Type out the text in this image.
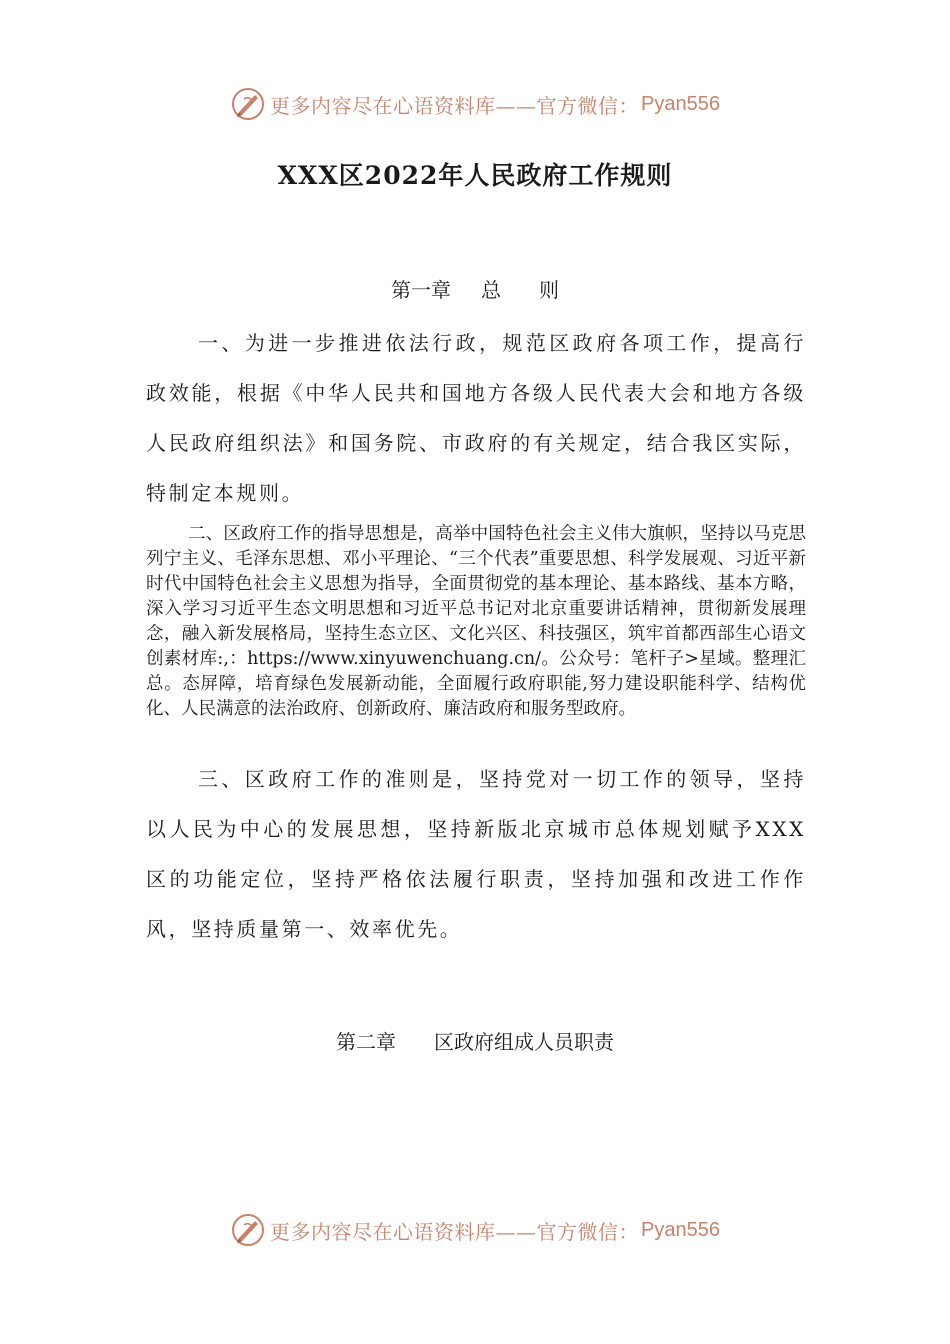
更多内容尽在心语资料库——官方微信： Pyan556
XXX区2022年人民政府工作规则
第一章 总 则

一、为进一步推进依法行政，规范区政府各项工作，提高行政效能，根据《中华人民共和国地方各级人民代表大会和地方各级人民政府组织法》和国务院、市政府的有关规定，结合我区实际，特制定本规则。

二、区政府工作的指导思想是，高举中国特色社会主义伟大旗帜，坚持以马克思列宁主义、毛泽东思想、邓小平理论、“三个代表”重要思想、科学发展观、习近平新时代中国特色社会主义思想为指导，全面贯彻党的基本理论、基本路线、基本方略，深入学习习近平生态文明思想和习近平总书记对北京重要讲话精神，贯彻新发展理念，融入新发展格局，坚持生态立区、文化兴区、科技强区，筑牢首都西部生心语文创素材库:,：https://www.xinyuwenchuang.cn/。公众号：笔杆子>星域。整理汇总。态屏障，培育绿色发展新动能，全面履行政府职能,努力建设职能科学、结构优化、人民满意的法治政府、创新政府、廉洁政府和服务型政府。

三、区政府工作的准则是，坚持党对一切工作的领导，坚持以人民为中心的发展思想，坚持新版北京城市总体规划赋予XXX区的功能定位，坚持严格依法履行职责，坚持加强和改进工作作风，坚持质量第一、效率优先。

第二章 区政府组成人员职责
更多内容尽在心语资料库——官方微信： Pyan556
